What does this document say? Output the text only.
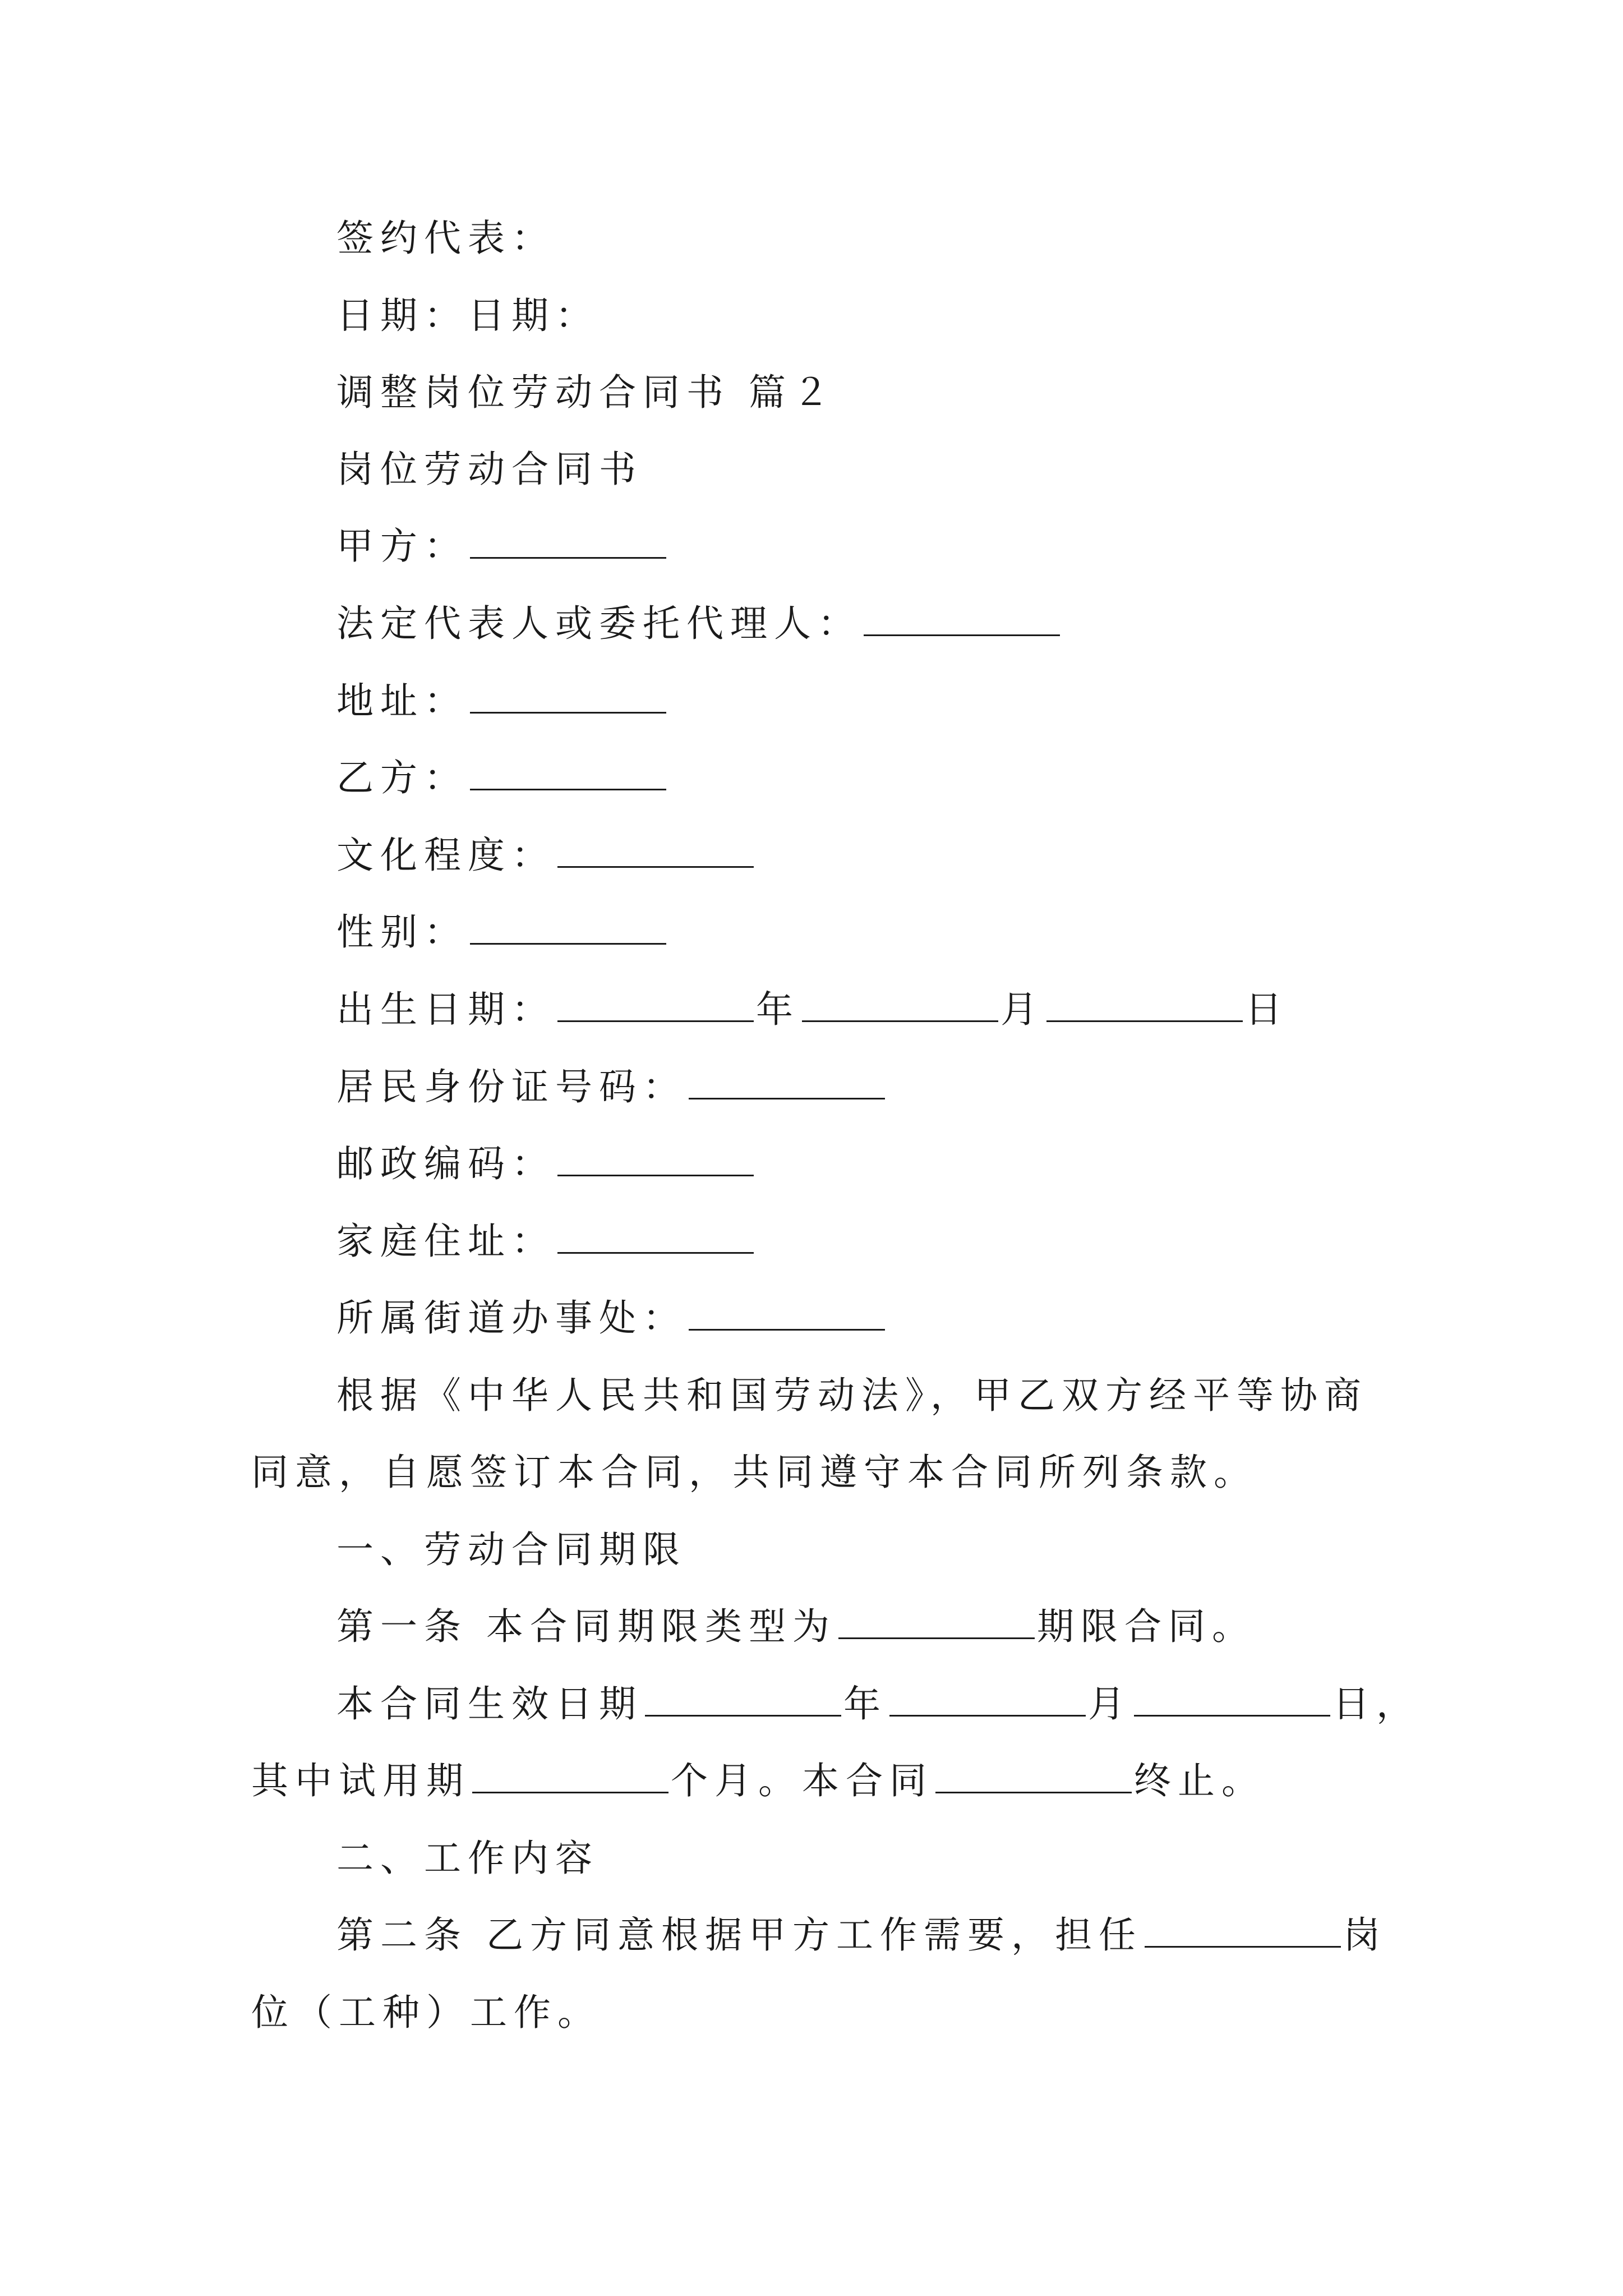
签约代表：
日期：日期：
调整岗位劳动合同书 篇２
岗位劳动合同书
甲方：
法定代表人或委托代理人：
地址：
乙方：
文化程度：
性别：
出生日期：	年	月	日
居民身份证号码：
邮政编码：
家庭住址：
所属街道办事处：
根据《中华人民共和国劳动法》，甲乙双方经平等协商
同意，自愿签订本合同，共同遵守本合同所列条款。
一、劳动合同期限
第一条 本合同期限类型为	期限合同。
本合同生效日期	年	月	日，
其中试用期	个月。本合同	终止。
二、工作内容
第二条 乙方同意根据甲方工作需要，担任	岗
位（工种）工作。
